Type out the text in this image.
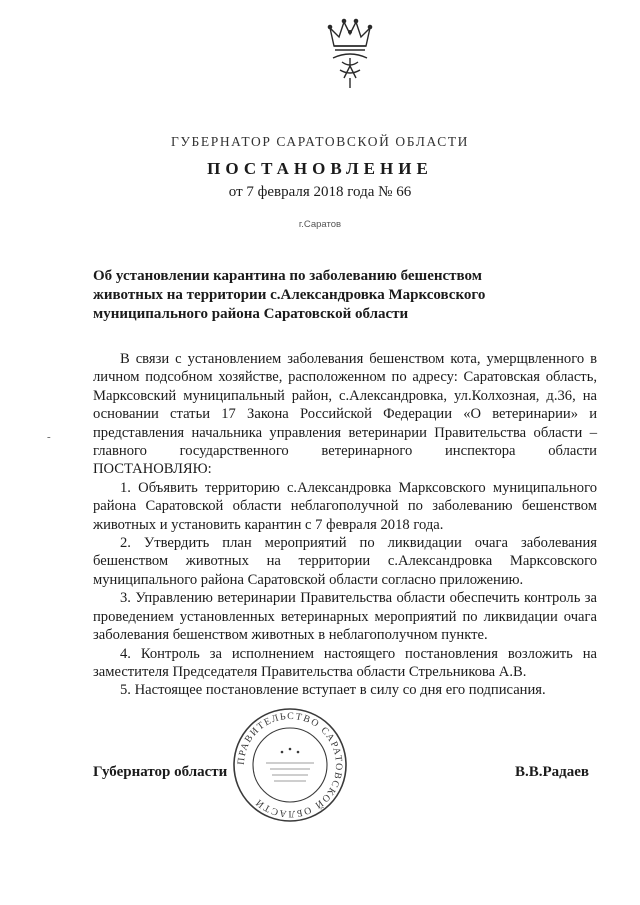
ГУБЕРНАТОР САРАТОВСКОЙ ОБЛАСТИ
ПОСТАНОВЛЕНИЕ
от 7 февраля 2018 года № 66
г.Саратов
Об установлении карантина по заболеванию бешенством
животных на территории с.Александровка Марксовского
муниципального района Саратовской области

В связи с установлением заболевания бешенством кота, умерщвленного в личном подсобном хозяйстве, расположенном по адресу: Саратовская область, Марксовский муниципальный район, с.Александровка, ул.Колхозная, д.36, на основании статьи 17 Закона Российской Федерации «О ветеринарии» и представления начальника управления ветеринарии Правительства области – главного государственного ветеринарного инспектора области ПОСТАНОВЛЯЮ:

1. Объявить территорию с.Александровка Марксовского муниципального района Саратовской области неблагополучной по заболеванию бешенством животных и установить карантин с 7 февраля 2018 года.

2. Утвердить план мероприятий по ликвидации очага заболевания бешенством животных на территории с.Александровка Марксовского муниципального района Саратовской области согласно приложению.

3. Управлению ветеринарии Правительства области обеспечить контроль за проведением установленных ветеринарных мероприятий по ликвидации очага заболевания бешенством животных в неблагополучном пункте.

4. Контроль за исполнением настоящего постановления возложить на заместителя Председателя Правительства области Стрельникова А.В.

5. Настоящее постановление вступает в силу со дня его подписания.

-
Губернатор области	В.В.Радаев
ПРАВИТЕЛЬСТВО САРАТОВСКОЙ ОБЛАСТИ
